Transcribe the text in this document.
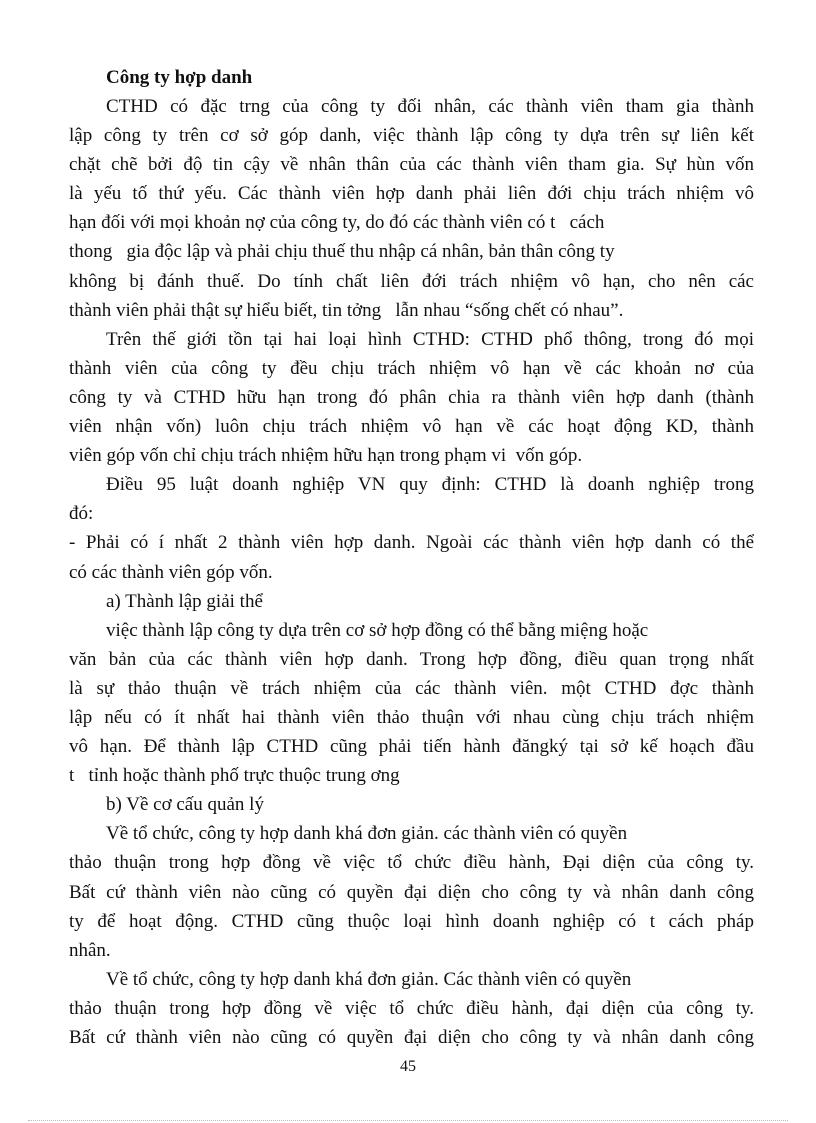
Công ty hợp danh
CTHD có đặc trng của công ty đối nhân, các thành viên tham gia thành
lập công ty trên cơ sở góp danh, việc thành lập công ty dựa trên sự liên kết
chặt chẽ bởi độ tin cậy về nhân thân của các thành viên tham gia. Sự hùn vốn
là yếu tố thứ yếu. Các thành viên hợp danh phải liên đới chịu trách nhiệm vô
hạn đối với mọi khoản nợ của công ty, do đó các thành viên có t   cách
thong   gia độc lập và phải chịu thuế thu nhập cá nhân, bản thân công ty
không bị đánh thuế. Do tính chất liên đới trách nhiệm vô hạn, cho nên các
thành viên phải thật sự hiểu biết, tin tởng   lẫn nhau “sống chết có nhau”.
Trên thế giới tồn tại hai loại hình CTHD: CTHD phổ thông, trong đó mọi
thành viên của công ty đều chịu trách nhiệm vô hạn về các khoản nơ của
công ty và CTHD hữu hạn trong đó phân chia ra thành viên hợp danh (thành
viên nhận vốn) luôn chịu trách nhiệm vô hạn về các hoạt động KD, thành
viên góp vốn chỉ chịu trách nhiệm hữu hạn trong phạm vi  vốn góp.
Điều 95 luật doanh nghiệp VN quy định: CTHD là doanh nghiệp trong
đó:
- Phải có í nhất 2 thành viên hợp danh. Ngoài các thành viên hợp danh có thể
có các thành viên góp vốn.
a) Thành lập giải thể
việc thành lập công ty dựa trên cơ sở hợp đồng có thể bằng miệng hoặc
văn bản của các thành viên hợp danh. Trong hợp đồng, điều quan trọng nhất
là sự thảo thuận về trách nhiệm của các thành viên. một CTHD đợc thành
lập nếu có ít nhất hai thành viên thảo thuận với nhau cùng chịu trách nhiệm
vô hạn. Để thành lập CTHD cũng phải tiến hành đăngký tại sở kế hoạch đầu
t   tỉnh hoặc thành phố trực thuộc trung ơng
b) Về cơ cấu quản lý
Về tổ chức, công ty hợp danh khá đơn giản. các thành viên có quyền
thảo thuận trong hợp đồng về việc tổ chức điều hành, Đại diện của công ty.
Bất cứ thành viên nào cũng có quyền đại diện cho công ty và nhân danh công
ty để hoạt động. CTHD cũng thuộc loại hình doanh nghiệp có t cách pháp
nhân.
Về tổ chức, công ty hợp danh khá đơn giản. Các thành viên có quyền
thảo thuận trong hợp đồng về việc tổ chức điều hành, đại diện của công ty.
Bất cứ thành viên nào cũng có quyền đại diện cho công ty và nhân danh công
45
